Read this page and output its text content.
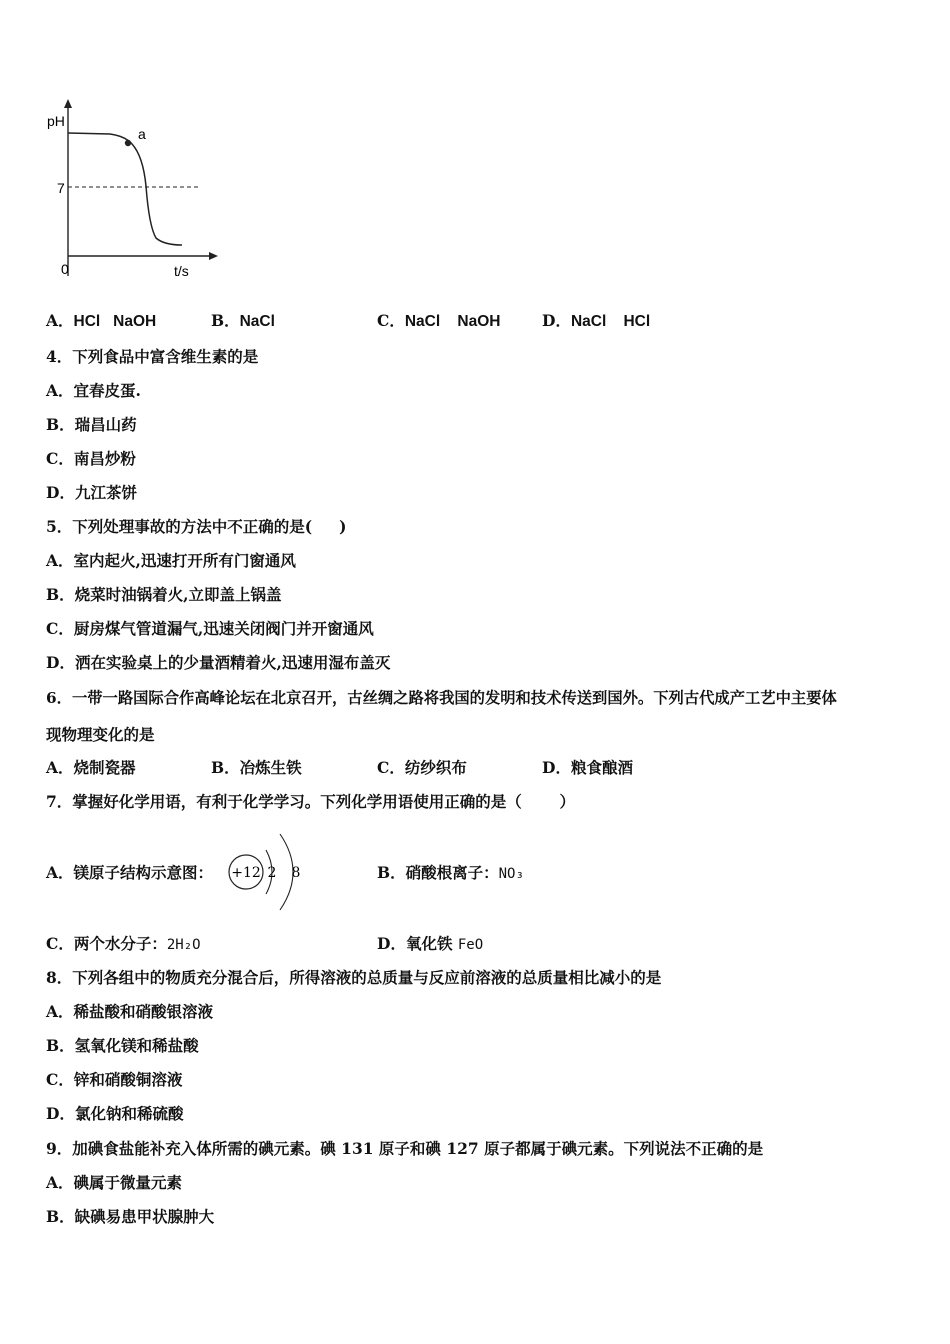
pH
7
0	t/s
a
A．HCl   NaOH	B．NaCl	C．NaCl    NaOH	D．NaCl    HCl
4．下列食品中富含维生素的是
A．宜春皮蛋.
B．瑞昌山药
C．南昌炒粉
D．九江茶饼
5．下列处理事故的方法中不正确的是(     )
A．室内起火,迅速打开所有门窗通风
B．烧菜时油锅着火,立即盖上锅盖
C．厨房煤气管道漏气,迅速关闭阀门并开窗通风
D．洒在实验桌上的少量酒精着火,迅速用湿布盖灭
6．一带一路国际合作高峰论坛在北京召开，古丝绸之路将我国的发明和技术传送到国外。下列古代成产工艺中主要体
现物理变化的是
A．烧制瓷器	B．冶炼生铁	C．纺纱织布	D．粮食酿酒
7．掌握好化学用语，有利于化学学习。下列化学用语使用正确的是（       ）
A．镁原子结构示意图： +12 2 8	B．硝酸根离子：NO₃
C．两个水分子：2H₂O	D．氧化铁 FeO
8．下列各组中的物质充分混合后，所得溶液的总质量与反应前溶液的总质量相比减小的是
A．稀盐酸和硝酸银溶液
B．氢氧化镁和稀盐酸
C．锌和硝酸铜溶液
D．氯化钠和稀硫酸
9．加碘食盐能补充入体所需的碘元素。碘 131 原子和碘 127 原子都属于碘元素。下列说法不正确的是
A．碘属于微量元素
B．缺碘易患甲状腺肿大
